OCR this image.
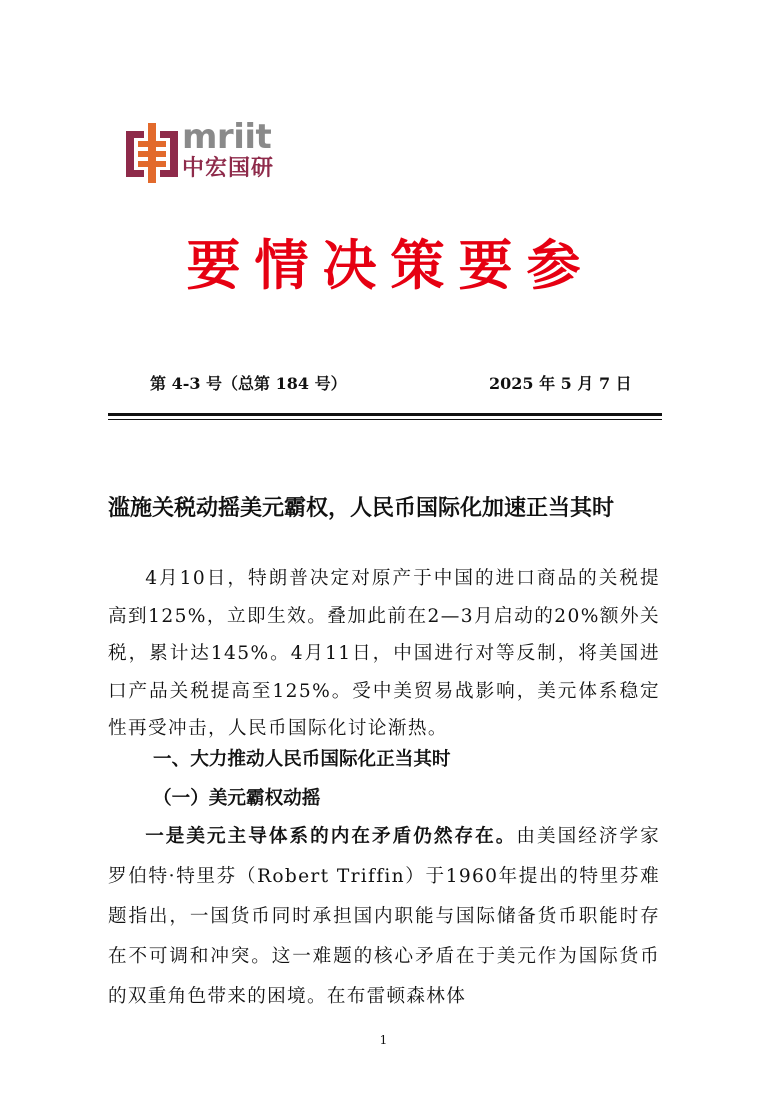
mriit
中宏国研
要情决策要参
第 4-3 号（总第 184 号）	2025 年 5 月 7 日
滥施关税动摇美元霸权，人民币国际化加速正当其时

4月10日，特朗普决定对原产于中国的进口商品的关税提高到125%，立即生效。叠加此前在2—3月启动的20%额外关税，累计达145%。4月11日，中国进行对等反制，将美国进口产品关税提高至125%。受中美贸易战影响，美元体系稳定性再受冲击，人民币国际化讨论渐热。

一、大力推动人民币国际化正当其时
（一）美元霸权动摇

一是美元主导体系的内在矛盾仍然存在。由美国经济学家罗伯特·特里芬（Robert Triffin）于1960年提出的特里芬难题指出，一国货币同时承担国内职能与国际储备货币职能时存在不可调和冲突。这一难题的核心矛盾在于美元作为国际货币的双重角色带来的困境。在布雷顿森林体

1
